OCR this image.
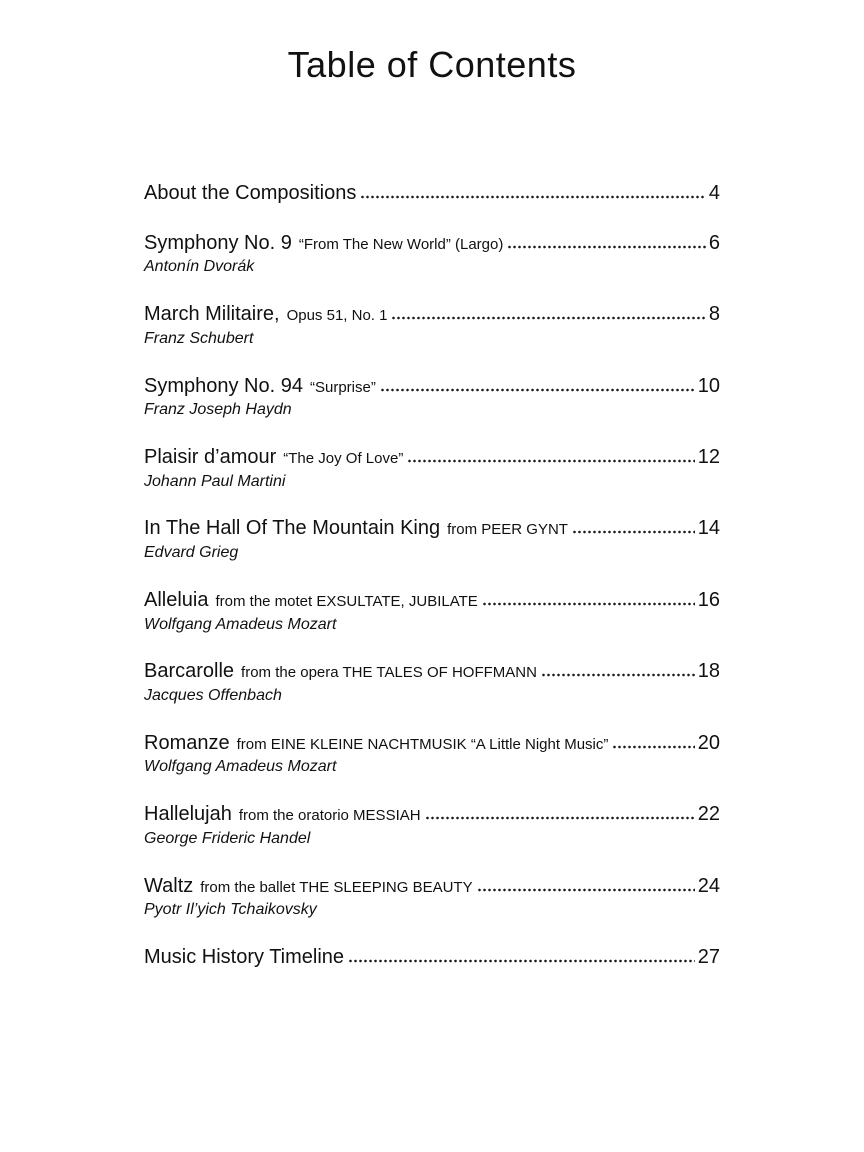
Table of Contents
About the Compositions	4
Symphony No. 9 “From The New World” (Largo)	6
Antonín Dvorák
March Militaire, Opus 51, No. 1	8
Franz Schubert
Symphony No. 94 “Surprise”	10
Franz Joseph Haydn
Plaisir d’amour “The Joy Of Love”	12
Johann Paul Martini
In The Hall Of The Mountain King from PEER GYNT	14
Edvard Grieg
Alleluia from the motet EXSULTATE, JUBILATE	16
Wolfgang Amadeus Mozart
Barcarolle from the opera THE TALES OF HOFFMANN	18
Jacques Offenbach
Romanze from EINE KLEINE NACHTMUSIK “A Little Night Music”	20
Wolfgang Amadeus Mozart
Hallelujah from the oratorio MESSIAH	22
George Frideric Handel
Waltz from the ballet THE SLEEPING BEAUTY	24
Pyotr Il’yich Tchaikovsky
Music History Timeline	27
